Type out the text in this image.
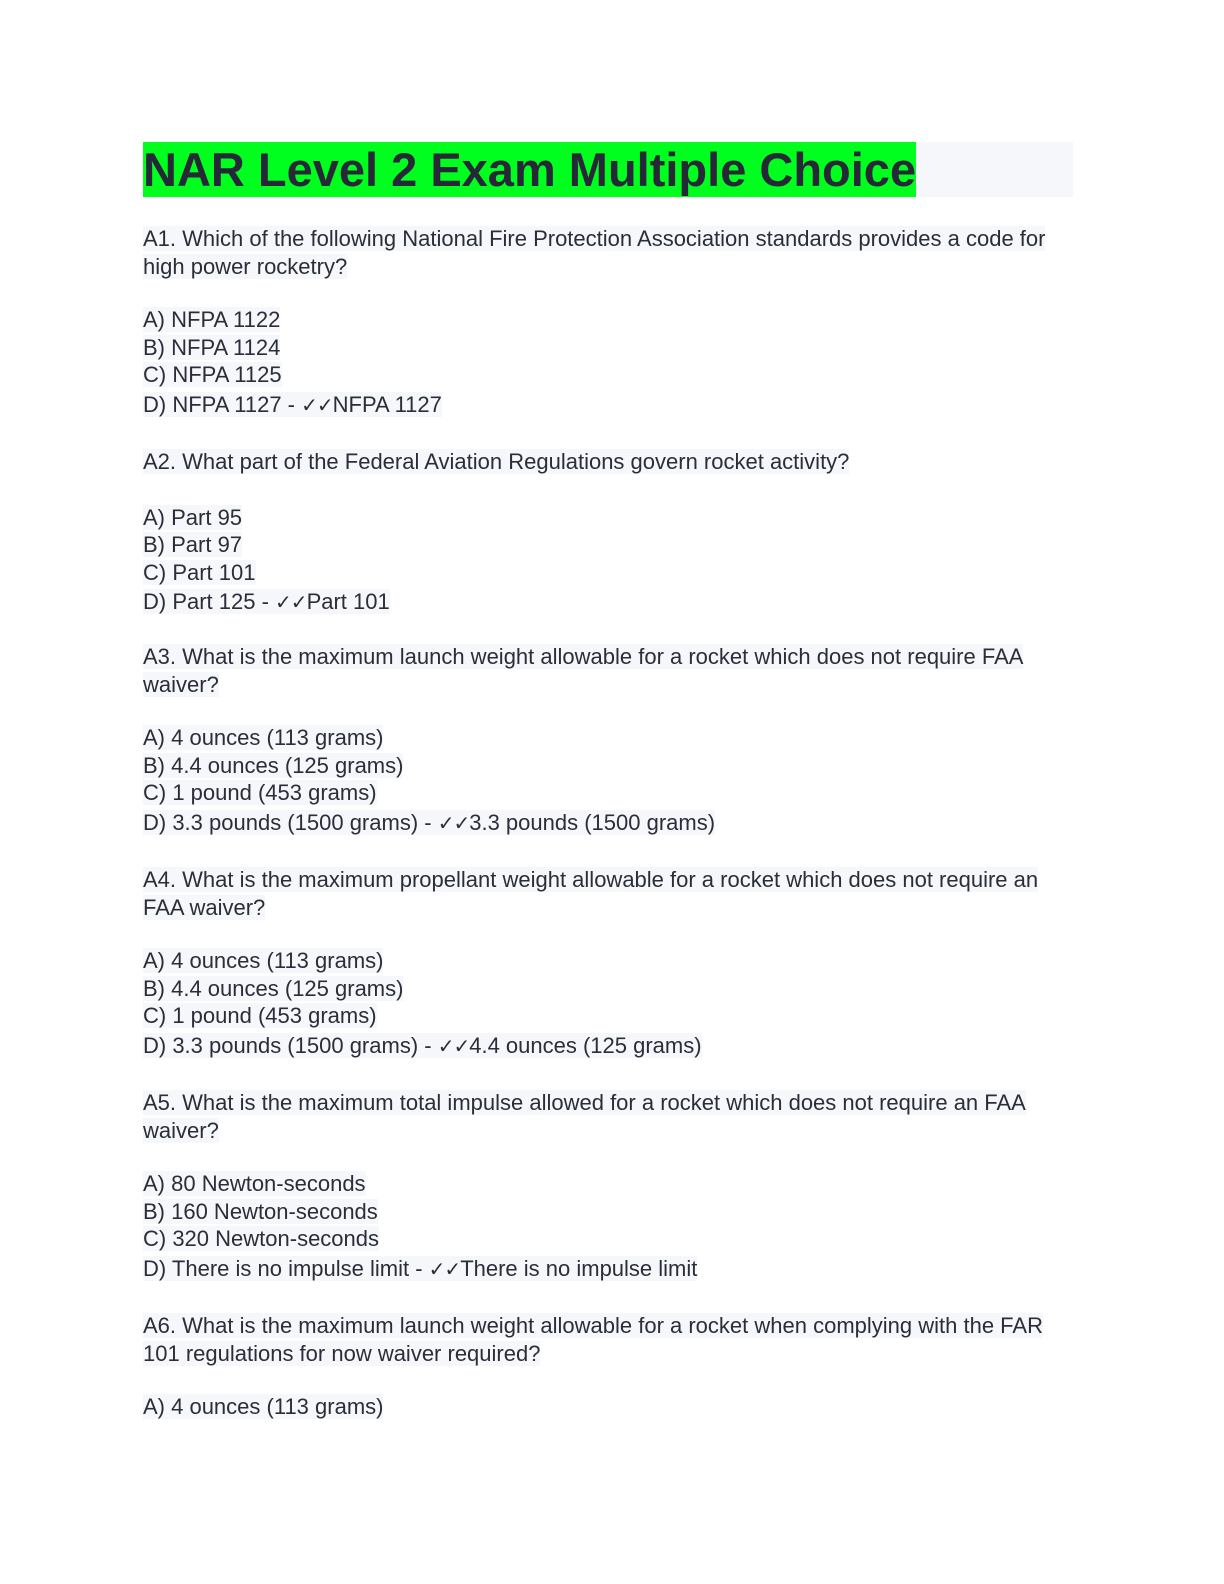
NAR Level 2 Exam Multiple Choice
A1. Which of the following National Fire Protection Association standards provides a code for high power rocketry?
A) NFPA 1122
B) NFPA 1124
C) NFPA 1125
D) NFPA 1127 - ✓✓NFPA 1127
A2. What part of the Federal Aviation Regulations govern rocket activity?
A) Part 95
B) Part 97
C) Part 101
D) Part 125 - ✓✓Part 101
A3. What is the maximum launch weight allowable for a rocket which does not require FAA waiver?
A) 4 ounces (113 grams)
B) 4.4 ounces (125 grams)
C) 1 pound (453 grams)
D) 3.3 pounds (1500 grams) - ✓✓3.3 pounds (1500 grams)
A4. What is the maximum propellant weight allowable for a rocket which does not require an FAA waiver?
A) 4 ounces (113 grams)
B) 4.4 ounces (125 grams)
C) 1 pound (453 grams)
D) 3.3 pounds (1500 grams) - ✓✓4.4 ounces (125 grams)
A5. What is the maximum total impulse allowed for a rocket which does not require an FAA waiver?
A) 80 Newton-seconds
B) 160 Newton-seconds
C) 320 Newton-seconds
D) There is no impulse limit - ✓✓There is no impulse limit
A6. What is the maximum launch weight allowable for a rocket when complying with the FAR 101 regulations for now waiver required?
A) 4 ounces (113 grams)
